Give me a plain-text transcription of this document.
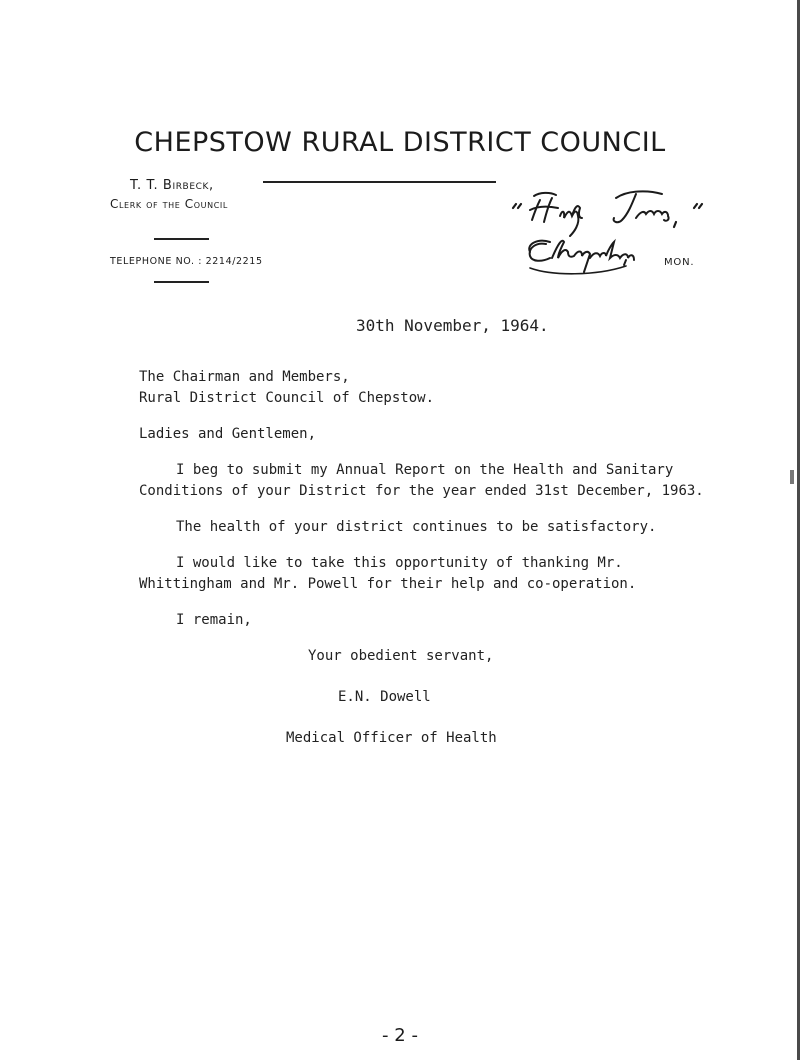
CHEPSTOW RURAL DISTRICT COUNCIL
T. T. Birbeck,
Clerk of the Council
TELEPHONE NO. : 2214/2215	MON.
30th November, 1964.
The Chairman and Members,
Rural District Council of Chepstow.
Ladies and Gentlemen,
I beg to submit my Annual Report on the Health and Sanitary
Conditions of your District for the year ended 31st December, 1963.
The health of your district continues to be satisfactory.
I would like to take this opportunity of thanking Mr.
Whittingham and Mr. Powell for their help and co-operation.
I remain,
Your obedient servant,
E.N. Dowell
Medical Officer of Health
- 2 -
